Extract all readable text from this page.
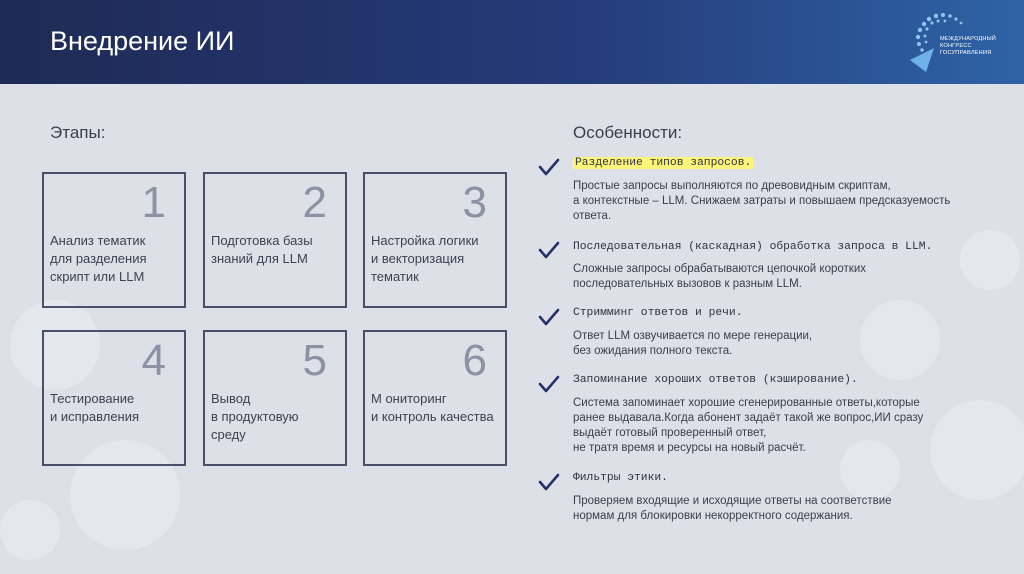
Внедрение ИИ	МЕЖДУНАРОДНЫЙ
КОНГРЕСС
ГОСУПРАВЛЕНИЯ
Этапы:	Особенности:
1
Анализ тематик
для разделения
скрипт или LLM
2
Подготовка базы
знаний для LLM
3
Настройка логики
и векторизация
тематик
4
Тестирование
и исправления
5
Вывод
в продуктовую
среду
6
М ониторинг
и контроль качества
Разделение типов запросов.
Простые запросы выполняются по древовидным скриптам,
а контекстные – LLM. Снижаем затраты и повышаем предсказуемость
ответа.
Последовательная (каскадная) обработка запроса в LLM.
Сложные запросы обрабатываются цепочкой коротких
последовательных вызовов к разным LLM.
Стримминг ответов и речи.
Ответ LLM озвучивается по мере генерации,
без ожидания полного текста.
Запоминание хороших ответов (кэширование).
Система запоминает хорошие сгенерированные ответы,которые
ранее выдавала.Когда абонент задаёт такой же вопрос,ИИ сразу
выдаёт готовый проверенный ответ,
не тратя время и ресурсы на новый расчёт.
Фильтры этики.
Проверяем входящие и исходящие ответы на соответствие
нормам для блокировки некорректного содержания.
